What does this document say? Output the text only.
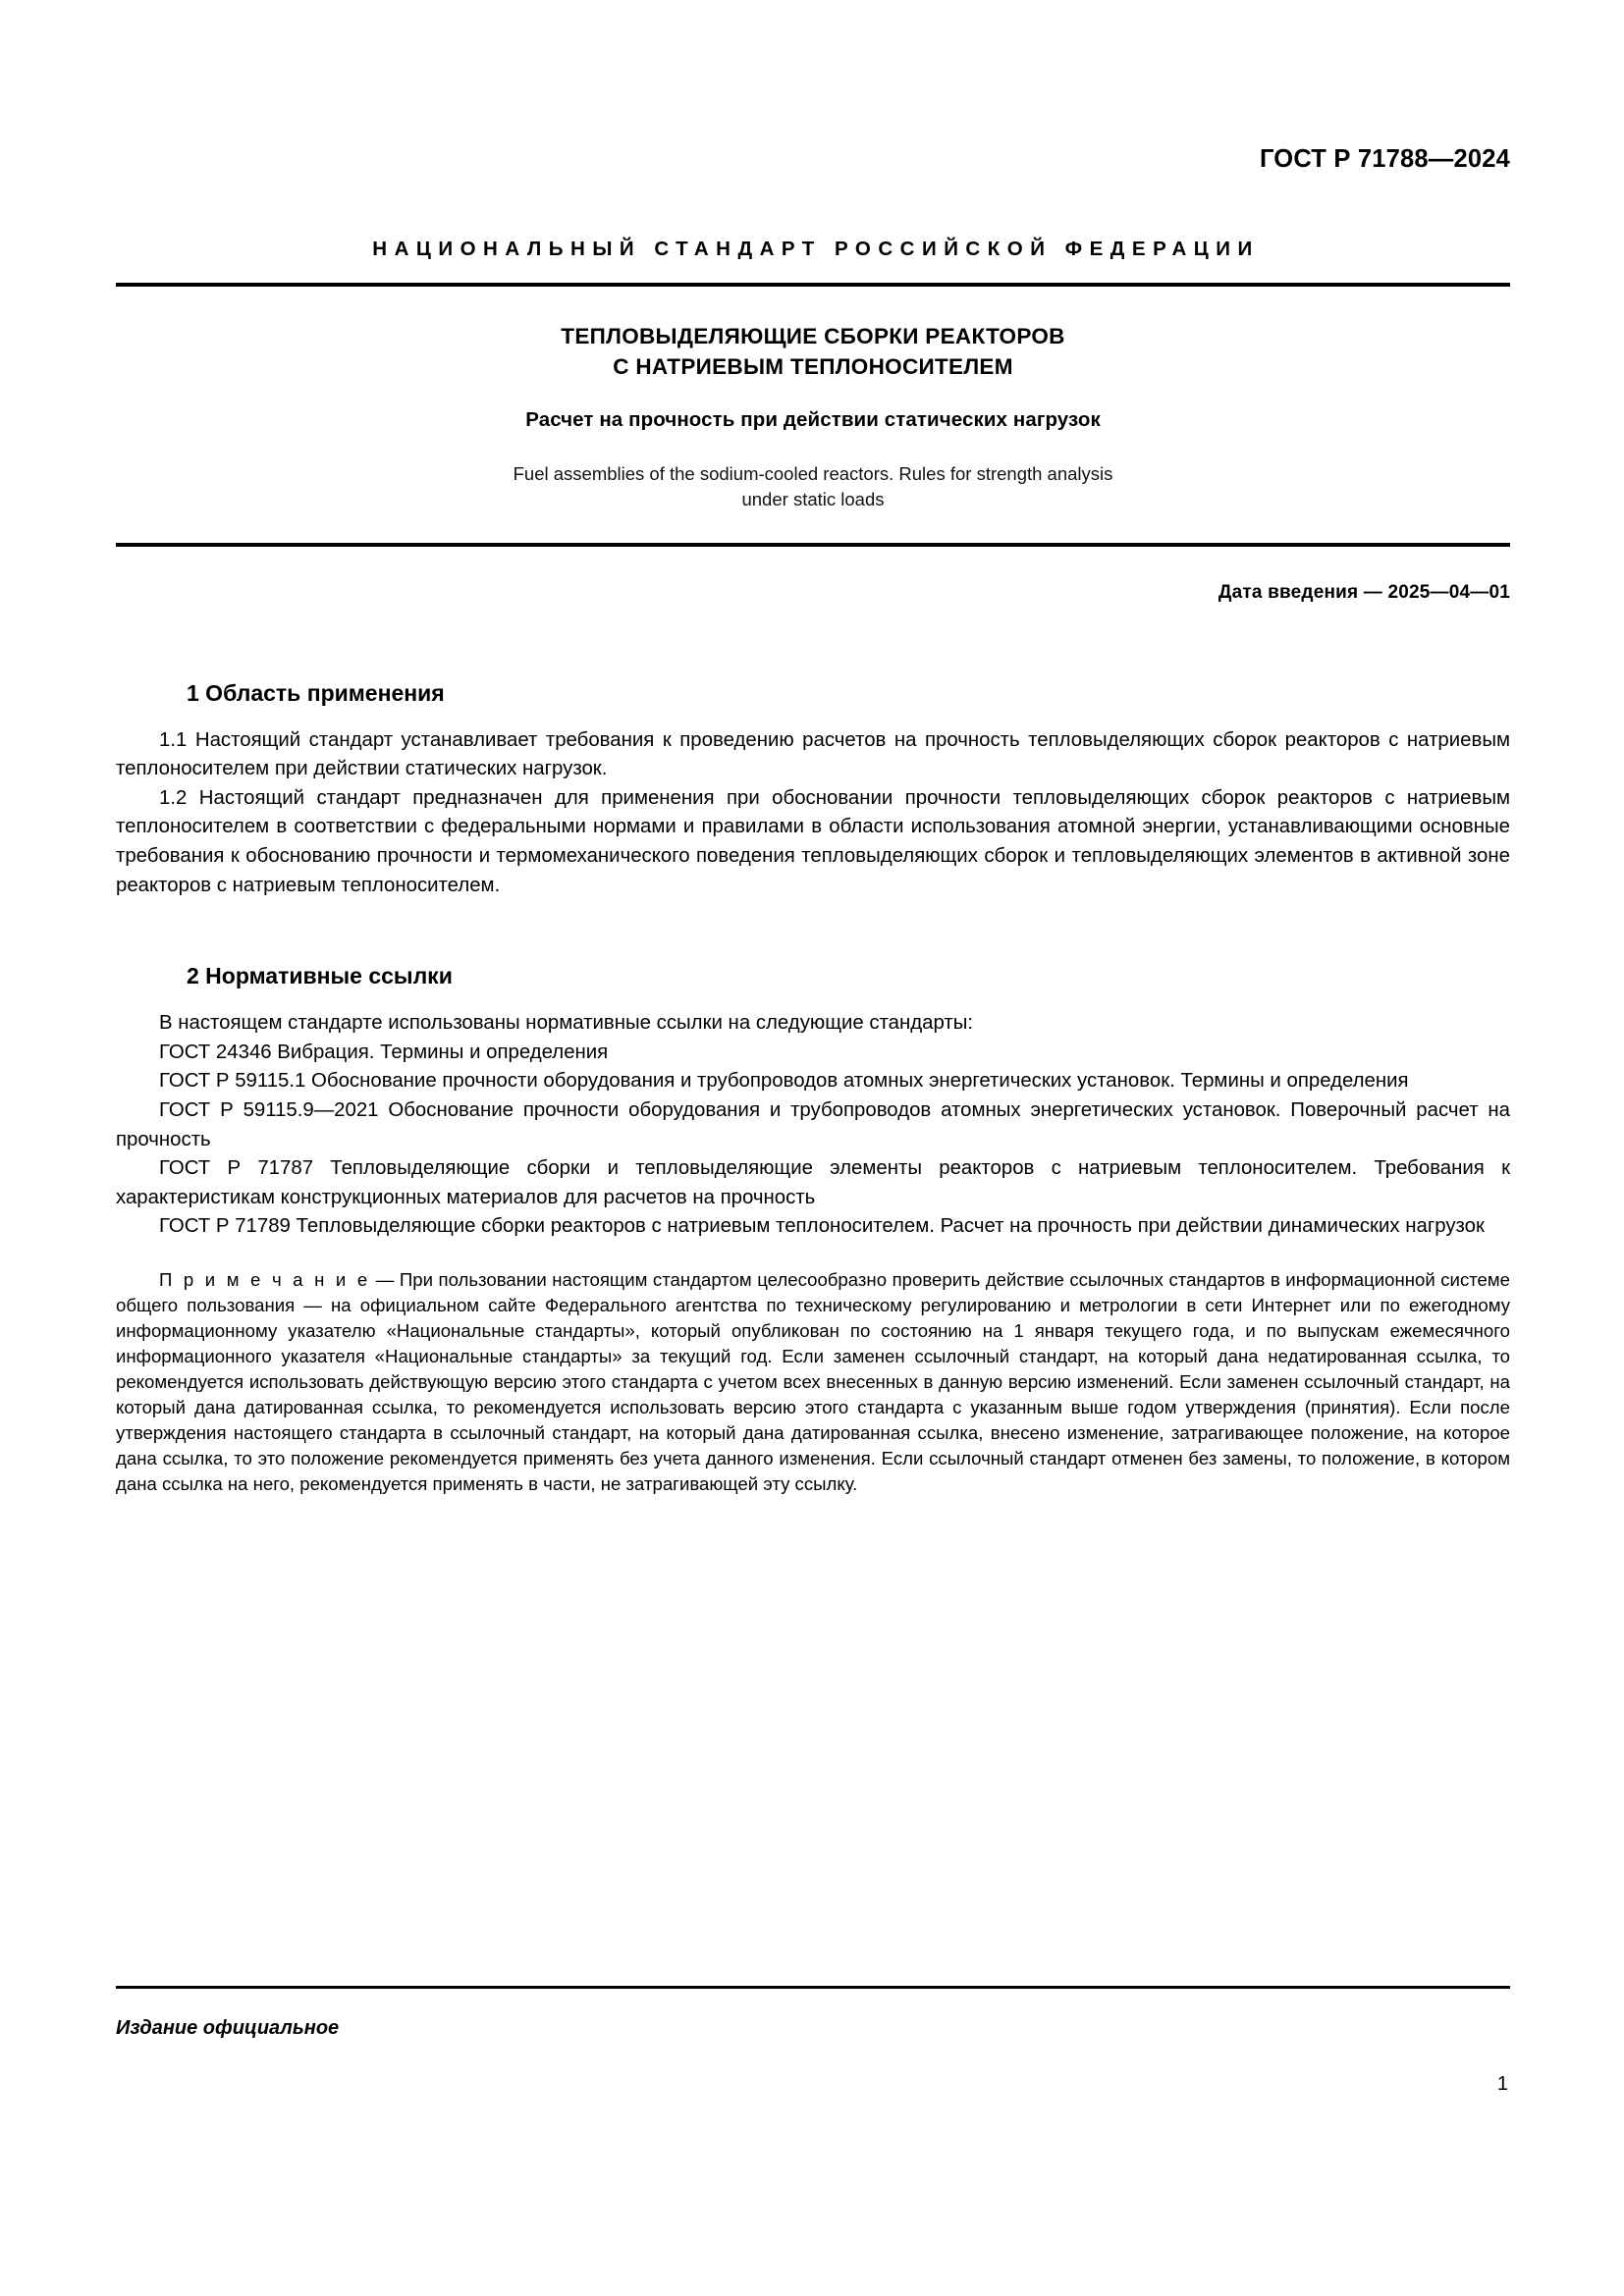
ГОСТ Р 71788—2024
НАЦИОНАЛЬНЫЙ СТАНДАРТ РОССИЙСКОЙ ФЕДЕРАЦИИ
ТЕПЛОВЫДЕЛЯЮЩИЕ СБОРКИ РЕАКТОРОВ
С НАТРИЕВЫМ ТЕПЛОНОСИТЕЛЕМ
Расчет на прочность при действии статических нагрузок
Fuel assemblies of the sodium-cooled reactors. Rules for strength analysis
under static loads
Дата введения — 2025—04—01
1 Область применения

1.1 Настоящий стандарт устанавливает требования к проведению расчетов на прочность тепловыделяющих сборок реакторов с натриевым теплоносителем при действии статических нагрузок.

1.2 Настоящий стандарт предназначен для применения при обосновании прочности тепловыделяющих сборок реакторов с натриевым теплоносителем в соответствии с федеральными нормами и правилами в области использования атомной энергии, устанавливающими основные требования к обоснованию прочности и термомеханического поведения тепловыделяющих сборок и тепловыделяющих элементов в активной зоне реакторов с натриевым теплоносителем.

2 Нормативные ссылки

В настоящем стандарте использованы нормативные ссылки на следующие стандарты:

ГОСТ 24346 Вибрация. Термины и определения

ГОСТ Р 59115.1 Обоснование прочности оборудования и трубопроводов атомных энергетических установок. Термины и определения

ГОСТ Р 59115.9—2021 Обоснование прочности оборудования и трубопроводов атомных энергетических установок. Поверочный расчет на прочность

ГОСТ Р 71787 Тепловыделяющие сборки и тепловыделяющие элементы реакторов с натриевым теплоносителем. Требования к характеристикам конструкционных материалов для расчетов на прочность

ГОСТ Р 71789 Тепловыделяющие сборки реакторов с натриевым теплоносителем. Расчет на прочность при действии динамических нагрузок

П р и м е ч а н и е — При пользовании настоящим стандартом целесообразно проверить действие ссылочных стандартов в информационной системе общего пользования — на официальном сайте Федерального агентства по техническому регулированию и метрологии в сети Интернет или по ежегодному информационному указателю «Национальные стандарты», который опубликован по состоянию на 1 января текущего года, и по выпускам ежемесячного информационного указателя «Национальные стандарты» за текущий год. Если заменен ссылочный стандарт, на который дана недатированная ссылка, то рекомендуется использовать действующую версию этого стандарта с учетом всех внесенных в данную версию изменений. Если заменен ссылочный стандарт, на который дана датированная ссылка, то рекомендуется использовать версию этого стандарта с указанным выше годом утверждения (принятия). Если после утверждения настоящего стандарта в ссылочный стандарт, на который дана датированная ссылка, внесено изменение, затрагивающее положение, на которое дана ссылка, то это положение рекомендуется применять без учета данного изменения. Если ссылочный стандарт отменен без замены, то положение, в котором дана ссылка на него, рекомендуется применять в части, не затрагивающей эту ссылку.
Издание официальное
1
